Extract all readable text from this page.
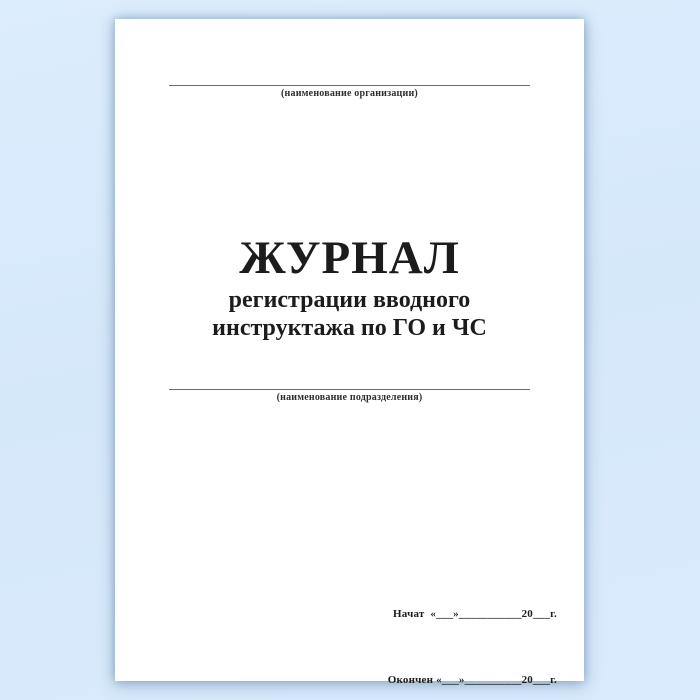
(наименование организации)
ЖУРНАЛ
регистрации вводного
инструктажа по ГО и ЧС
(наименование подразделения)

Начат  «___»___________20___г.

Окончен «___»__________20___г.
